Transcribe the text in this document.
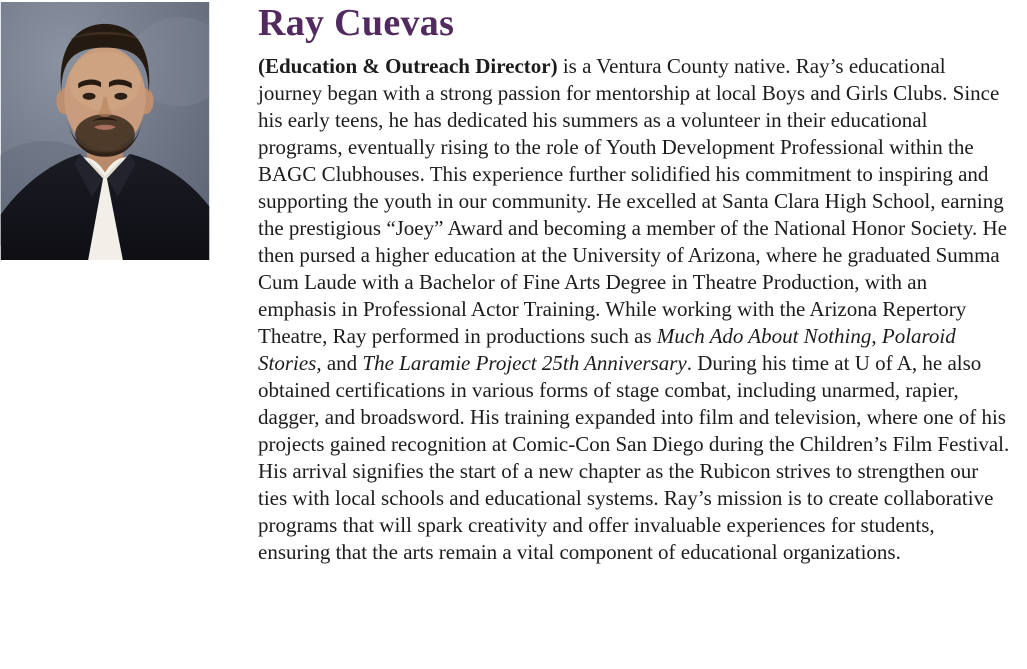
Ray Cuevas

(Education & Outreach Director) is a Ventura County native. Ray’s educational journey began with a strong passion for mentorship at local Boys and Girls Clubs. Since his early teens, he has dedicated his summers as a volunteer in their educational programs, eventually rising to the role of Youth Development Professional within the BAGC Clubhouses. This experience further solidified his commitment to inspiring and supporting the youth in our community. He excelled at Santa Clara High School, earning the prestigious “Joey” Award and becoming a member of the National Honor Society. He then pursed a higher education at the University of Arizona, where he graduated Summa Cum Laude with a Bachelor of Fine Arts Degree in Theatre Production, with an emphasis in Professional Actor Training. While working with the Arizona Repertory Theatre, Ray performed in productions such as Much Ado About Nothing, Polaroid Stories, and The Laramie Project 25th Anniversary. During his time at U of A, he also obtained certifications in various forms of stage combat, including unarmed, rapier, dagger, and broadsword. His training expanded into film and television, where one of his projects gained recognition at Comic-Con San Diego during the Children’s Film Festival. His arrival signifies the start of a new chapter as the Rubicon strives to strengthen our ties with local schools and educational systems. Ray’s mission is to create collaborative programs that will spark creativity and offer invaluable experiences for students, ensuring that the arts remain a vital component of educational organizations.
